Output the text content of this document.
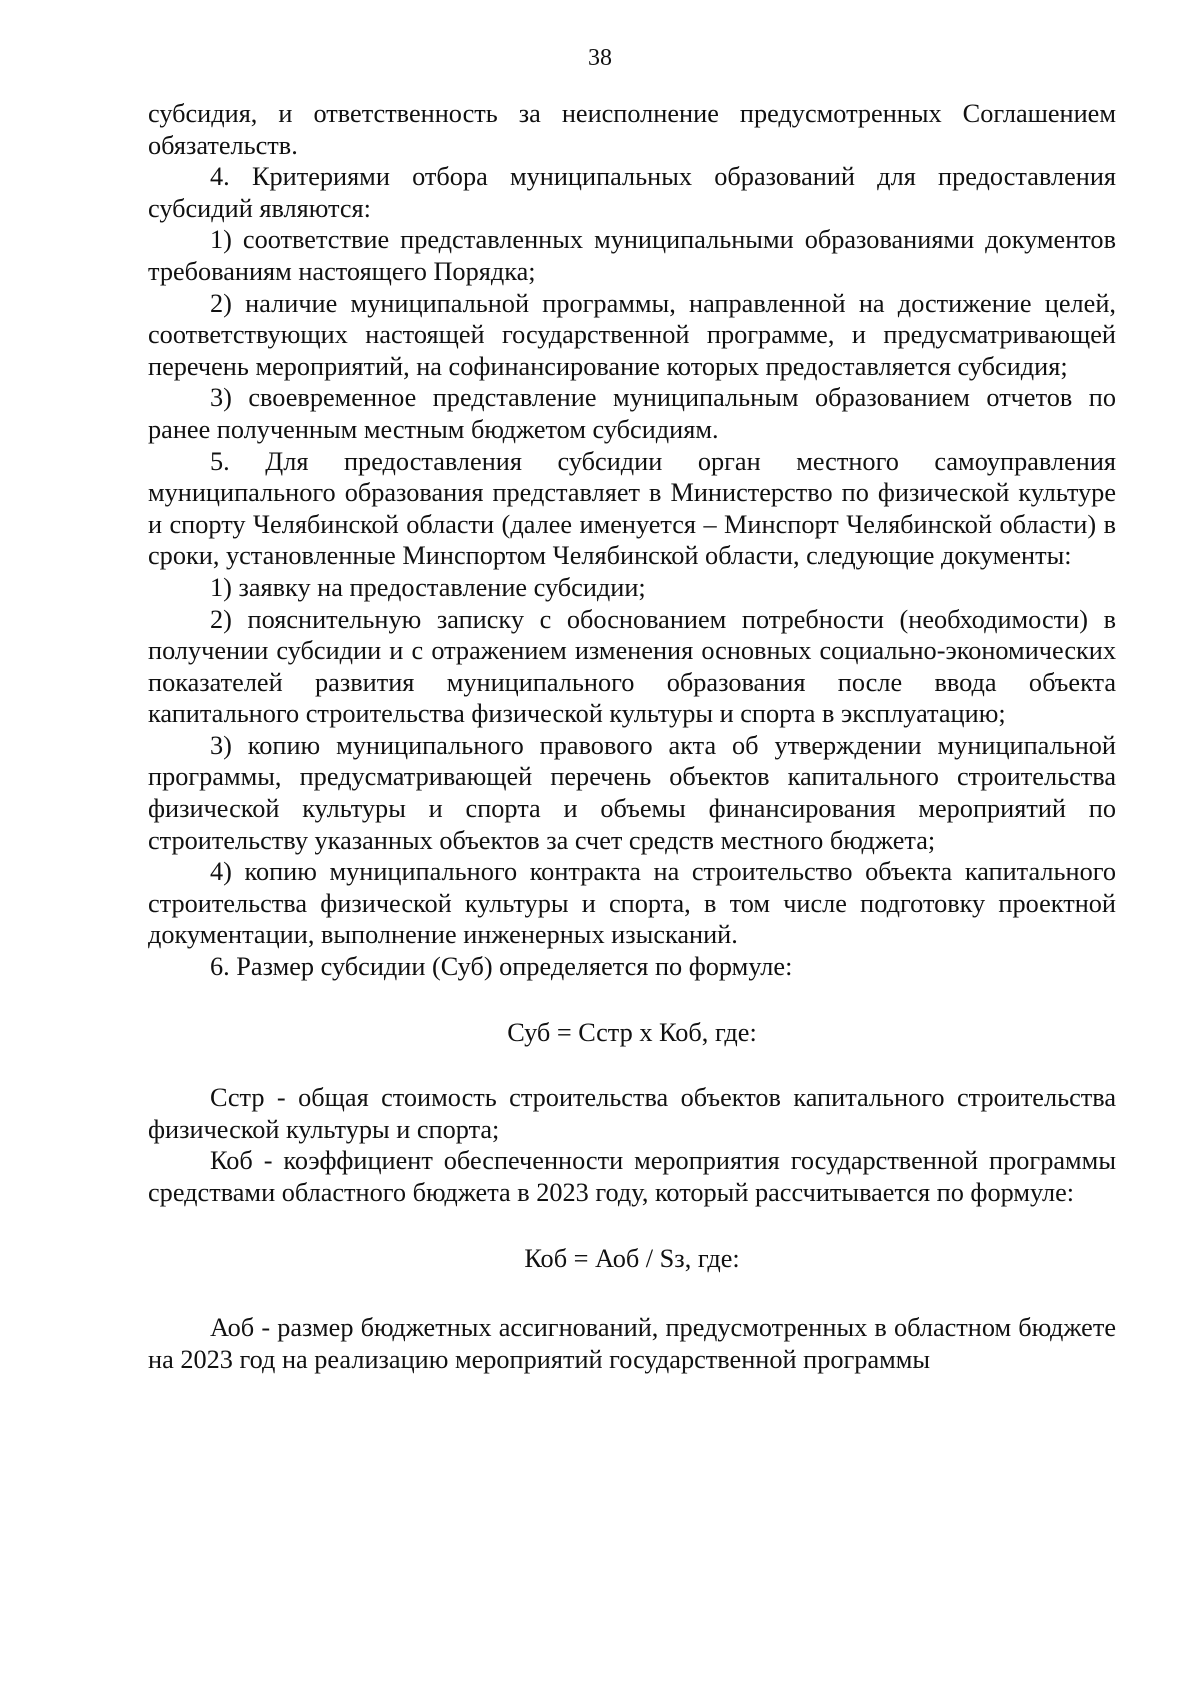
38

субсидия, и ответственность за неисполнение предусмотренных Соглашением обязательств.

4. Критериями отбора муниципальных образований для предоставления субсидий являются:

1) соответствие представленных муниципальными образованиями документов требованиям настоящего Порядка;

2) наличие муниципальной программы, направленной на достижение целей, соответствующих настоящей государственной программе, и предусматривающей перечень мероприятий, на софинансирование которых предоставляется субсидия;

3) своевременное представление муниципальным образованием отчетов по ранее полученным местным бюджетом субсидиям.

5. Для предоставления субсидии орган местного самоуправления муниципального образования представляет в Министерство по физической культуре и спорту Челябинской области (далее именуется – Минспорт Челябинской области) в сроки, установленные Минспортом Челябинской области, следующие документы:

1) заявку на предоставление субсидии;

2) пояснительную записку с обоснованием потребности (необходимости) в получении субсидии и с отражением изменения основных социально-экономических показателей развития муниципального образования после ввода объекта капитального строительства физической культуры и спорта в эксплуатацию;

3) копию муниципального правового акта об утверждении муниципальной программы, предусматривающей перечень объектов капитального строительства физической культуры и спорта и объемы финансирования мероприятий по строительству указанных объектов за счет средств местного бюджета;

4) копию муниципального контракта на строительство объекта капитального строительства физической культуры и спорта, в том числе подготовку проектной документации, выполнение инженерных изысканий.

6. Размер субсидии (Суб) определяется по формуле:

Суб = Сстр х Коб, где:

Сстр - общая стоимость строительства объектов капитального строительства физической культуры и спорта;

Коб - коэффициент обеспеченности мероприятия государственной программы средствами областного бюджета в 2023 году, который рассчитывается по формуле:

Коб = Аоб / Sз, где:

Аоб - размер бюджетных ассигнований, предусмотренных в областном бюджете на 2023 год на реализацию мероприятий государственной программы
